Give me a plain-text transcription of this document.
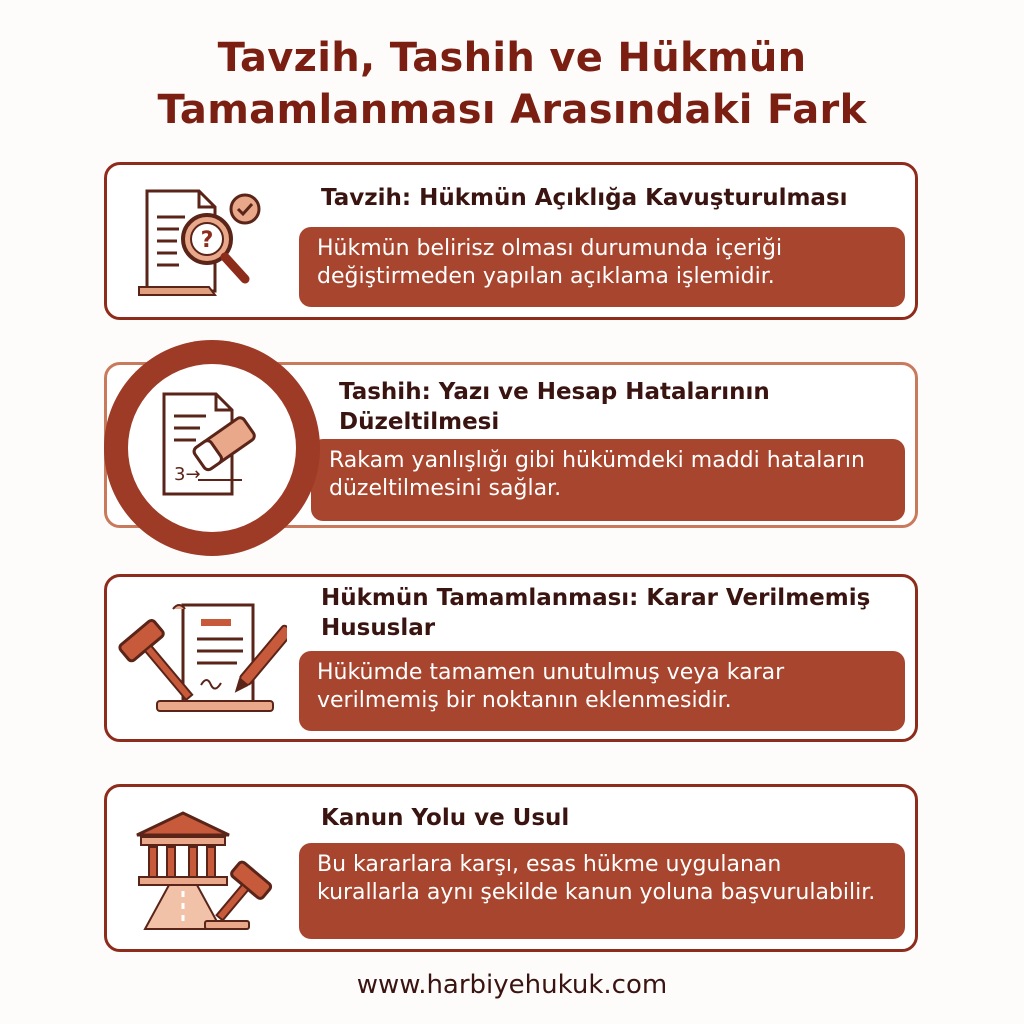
Tavzih, Tashih ve Hükmün
Tamamlanması Arasındaki Fark
?
Tavzih: Hükmün Açıklığa Kavuşturulması
Hükmün belirisz olması durumunda içeriği değiştirmeden yapılan açıklama işlemidir.
Tashih: Yazı ve Hesap Hatalarının Düzeltilmesi
Rakam yanlışlığı gibi hükümdeki maddi hataların düzeltilmesini sağlar.
3→
Hükmün Tamamlanması: Karar Verilmemiş Hususlar
Hükümde tamamen unutulmuş veya karar verilmemiş bir noktanın eklenmesidir.
Kanun Yolu ve Usul
Bu kararlara karşı, esas hükme uygulanan kurallarla aynı şekilde kanun yoluna başvurulabilir.
www.harbiyehukuk.com
